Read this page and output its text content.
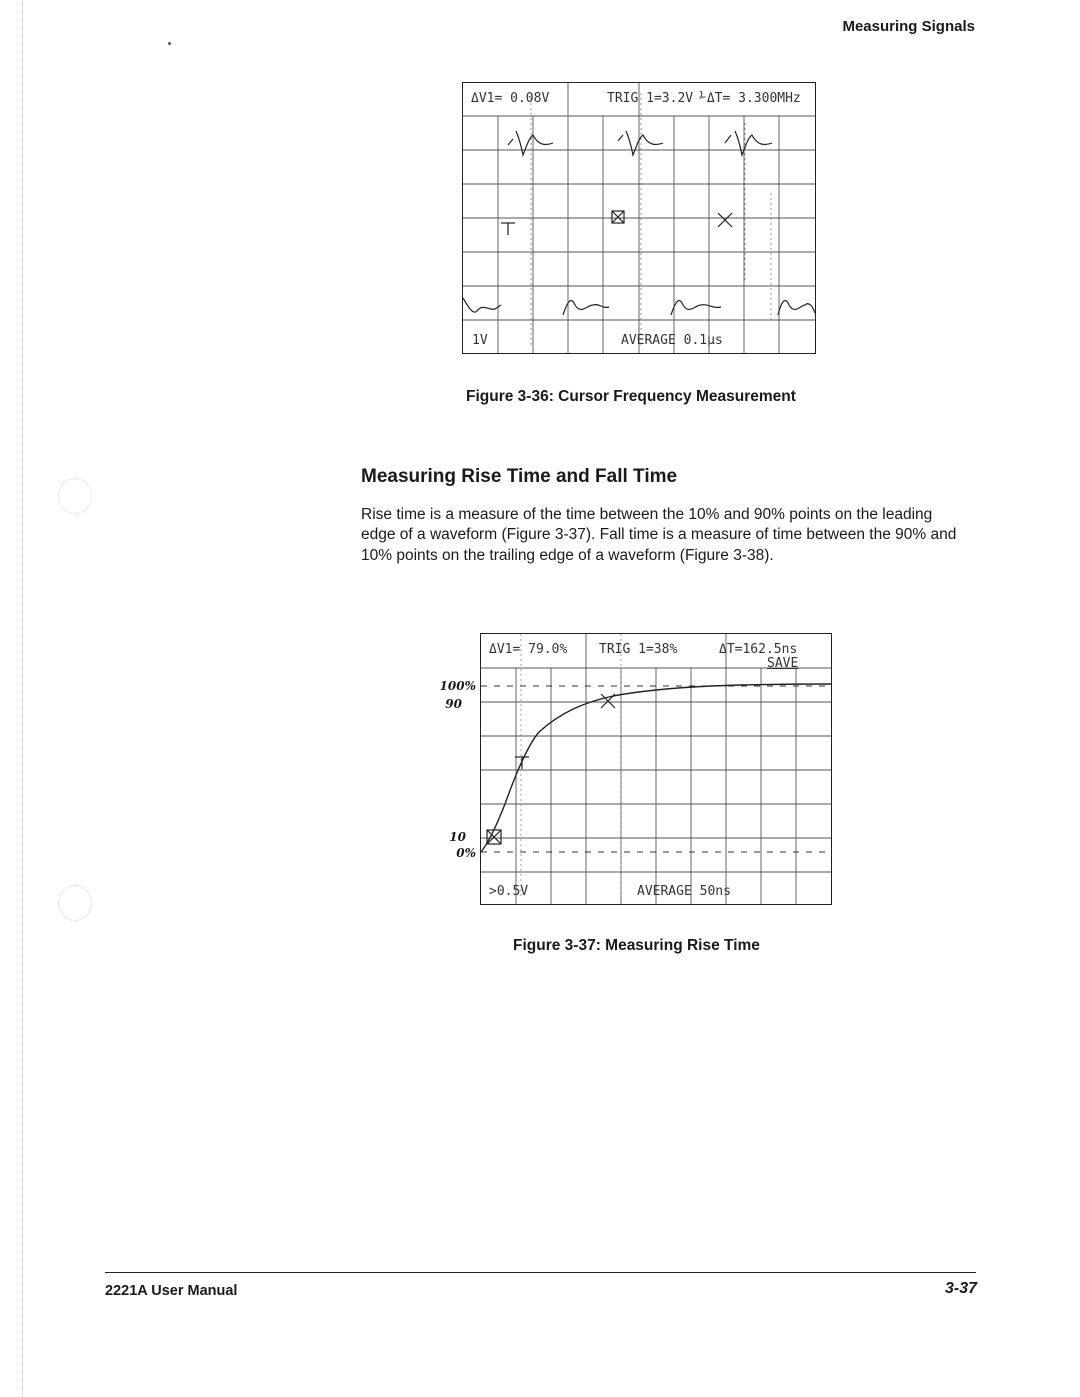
Measuring Signals
ΔV1= 0.08V	TRIG 1=3.2V ⅟ΔT= 3.300MHz
1V	AVERAGE 0.1µs
Figure 3-36: Cursor Frequency Measurement
Measuring Rise Time and Fall Time
Rise time is a measure of the time between the 10% and 90% points on the leading edge of a waveform (Figure 3-37). Fall time is a measure of time between the 90% and 10% points on the trailing edge of a waveform (Figure 3-38).
100%
90
10
0%
ΔV1= 79.0% TRIG 1=38%	ΔT=162.5ns
SAVE
>0.5V	AVERAGE 50ns
Figure 3-37: Measuring Rise Time
2221A User Manual	3-37
